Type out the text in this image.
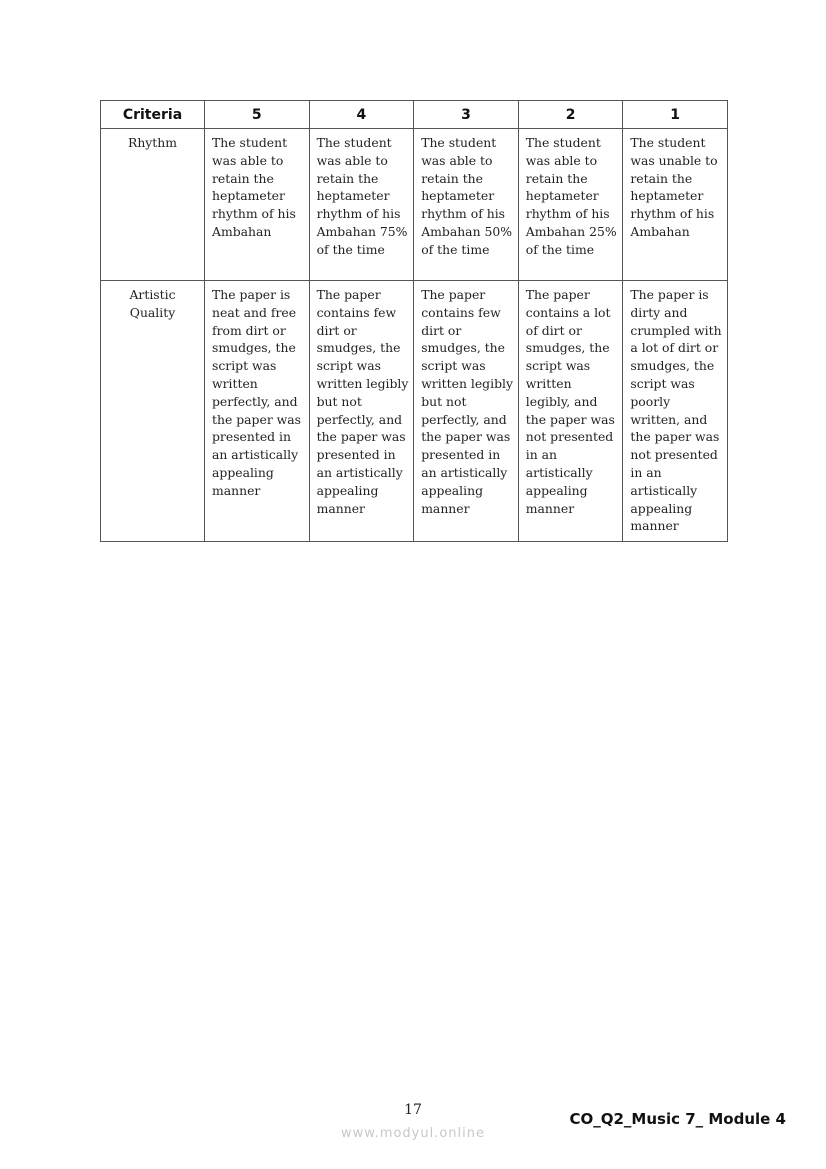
Criteria	5	4	3	2	1
Rhythm	The student was able to retain the heptameter rhythm of his Ambahan	The student was able to retain the heptameter rhythm of his Ambahan 75% of the time	The student was able to retain the heptameter rhythm of his Ambahan 50% of the time	The student was able to retain the heptameter rhythm of his Ambahan 25% of the time	The student was unable to retain the heptameter rhythm of his Ambahan
Artistic Quality	The paper is neat and free from dirt or smudges, the script was written perfectly, and the paper was presented in an artistically appealing manner	The paper contains few dirt or smudges, the script was written legibly but not perfectly, and the paper was presented in an artistically appealing manner	The paper contains few dirt or smudges, the script was written legibly but not perfectly, and the paper was presented in an artistically appealing manner	The paper contains a lot of dirt or smudges, the script was written legibly, and the paper was not presented in an artistically appealing manner	The paper is dirty and crumpled with a lot of dirt or smudges, the script was poorly written, and the paper was not presented in an artistically appealing manner
17
www.modyul.online
CO_Q2_Music 7_ Module 4
